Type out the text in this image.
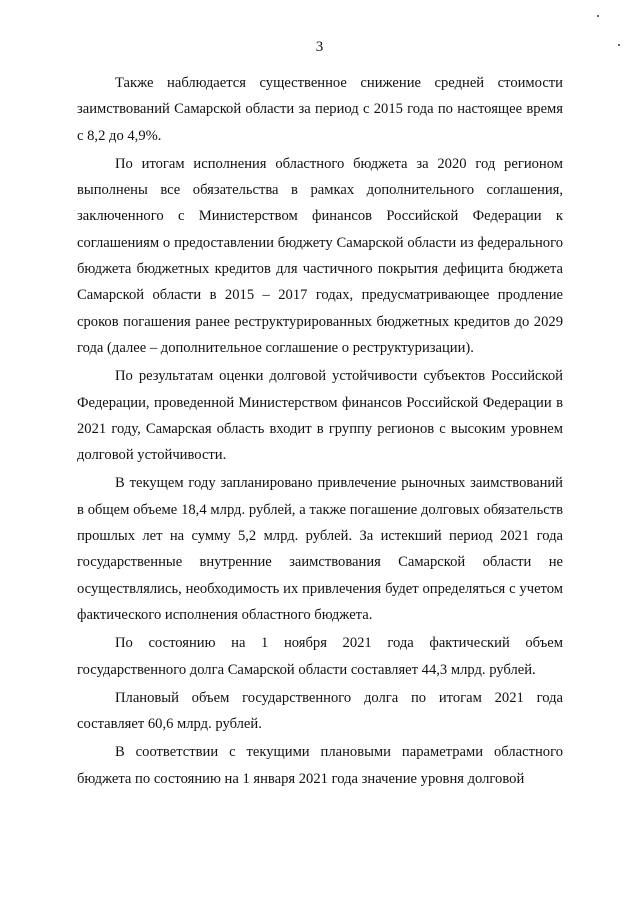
3

Также наблюдается существенное снижение средней стоимости заимствований Самарской области за период с 2015 года по настоящее время с 8,2 до 4,9%.

По итогам исполнения областного бюджета за 2020 год регионом выполнены все обязательства в рамках дополнительного соглашения, заключенного с Министерством финансов Российской Федерации к соглашениям о предоставлении бюджету Самарской области из федерального бюджета бюджетных кредитов для частичного покрытия дефицита бюджета Самарской области в 2015 – 2017 годах, предусматривающее продление сроков погашения ранее реструктурированных бюджетных кредитов до 2029 года (далее – дополнительное соглашение о реструктуризации).

По результатам оценки долговой устойчивости субъектов Российской Федерации, проведенной Министерством финансов Российской Федерации в 2021 году, Самарская область входит в группу регионов с высоким уровнем долговой устойчивости.

В текущем году запланировано привлечение рыночных заимствований в общем объеме 18,4 млрд. рублей, а также погашение долговых обязательств прошлых лет на сумму 5,2 млрд. рублей. За истекший период 2021 года государственные внутренние заимствования Самарской области не осуществлялись, необходимость их привлечения будет определяться с учетом фактического исполнения областного бюджета.

По состоянию на 1 ноября 2021 года фактический объем государственного долга Самарской области составляет 44,3 млрд. рублей.

Плановый объем государственного долга по итогам 2021 года составляет 60,6 млрд. рублей.

В соответствии с текущими плановыми параметрами областного бюджета по состоянию на 1 января 2021 года значение уровня долговой
